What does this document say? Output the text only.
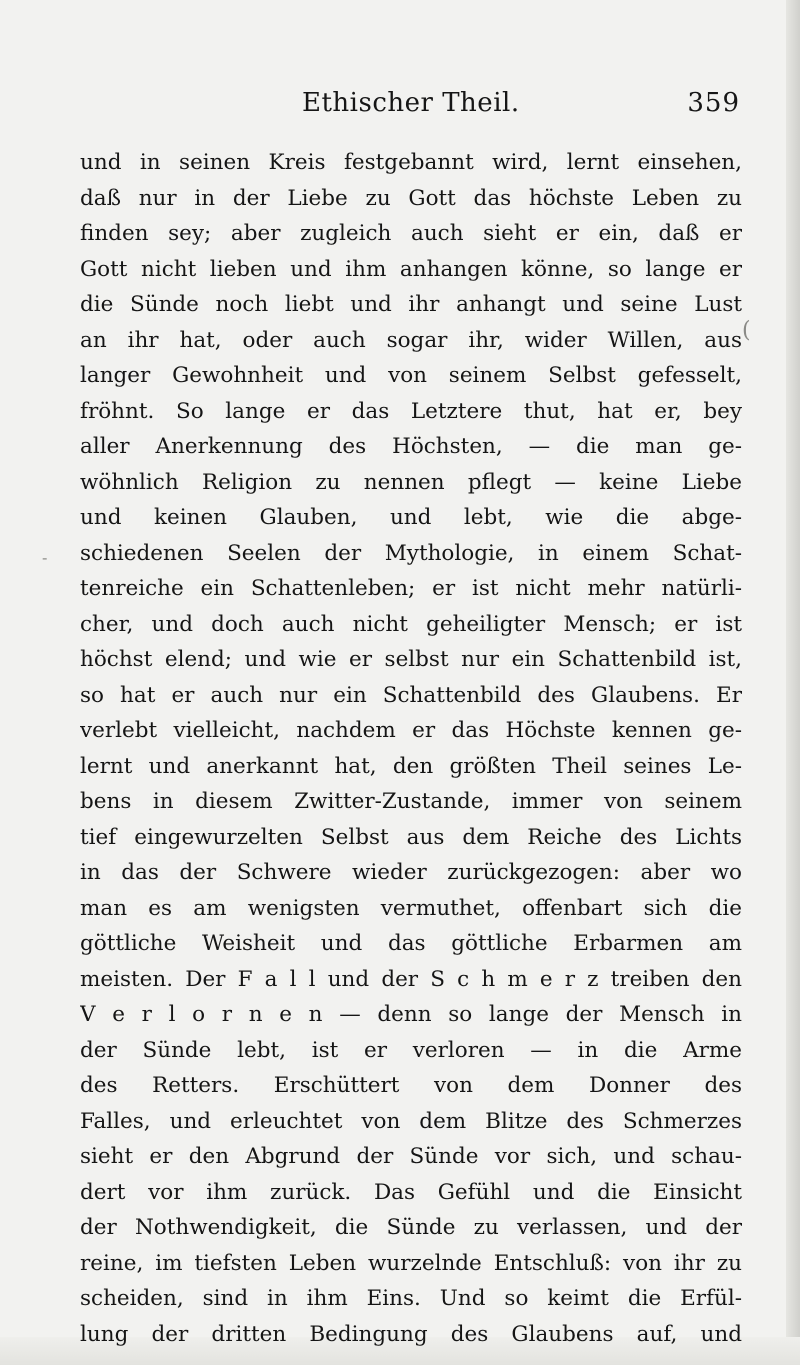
Ethischer Theil.	359
(
-
und in seinen Kreis festgebannt wird, lernt einsehen,
daß nur in der Liebe zu Gott das höchste Leben zu
finden sey; aber zugleich auch sieht er ein, daß er
Gott nicht lieben und ihm anhangen könne, so lange er
die Sünde noch liebt und ihr anhangt und seine Lust
an ihr hat, oder auch sogar ihr, wider Willen, aus
langer Gewohnheit und von seinem Selbst gefesselt,
fröhnt. So lange er das Letztere thut, hat er, bey
aller Anerkennung des Höchsten, — die man ge-
wöhnlich Religion zu nennen pflegt — keine Liebe
und keinen Glauben, und lebt, wie die abge-
schiedenen Seelen der Mythologie, in einem Schat-
tenreiche ein Schattenleben; er ist nicht mehr natürli-
cher, und doch auch nicht geheiligter Mensch; er ist
höchst elend; und wie er selbst nur ein Schattenbild ist,
so hat er auch nur ein Schattenbild des Glaubens. Er
verlebt vielleicht, nachdem er das Höchste kennen ge-
lernt und anerkannt hat, den größten Theil seines Le-
bens in diesem Zwitter-Zustande, immer von seinem
tief eingewurzelten Selbst aus dem Reiche des Lichts
in das der Schwere wieder zurückgezogen: aber wo
man es am wenigsten vermuthet, offenbart sich die
göttliche Weisheit und das göttliche Erbarmen am
meisten. Der F a l l und der S c h m e r z treiben den
V e r l o r n e n — denn so lange der Mensch in
der Sünde lebt, ist er verloren — in die Arme
des Retters. Erschüttert von dem Donner des
Falles, und erleuchtet von dem Blitze des Schmerzes
sieht er den Abgrund der Sünde vor sich, und schau-
dert vor ihm zurück. Das Gefühl und die Einsicht
der Nothwendigkeit, die Sünde zu verlassen, und der
reine, im tiefsten Leben wurzelnde Entschluß: von ihr zu
scheiden, sind in ihm Eins. Und so keimt die Erfül-
lung der dritten Bedingung des Glaubens auf, und
